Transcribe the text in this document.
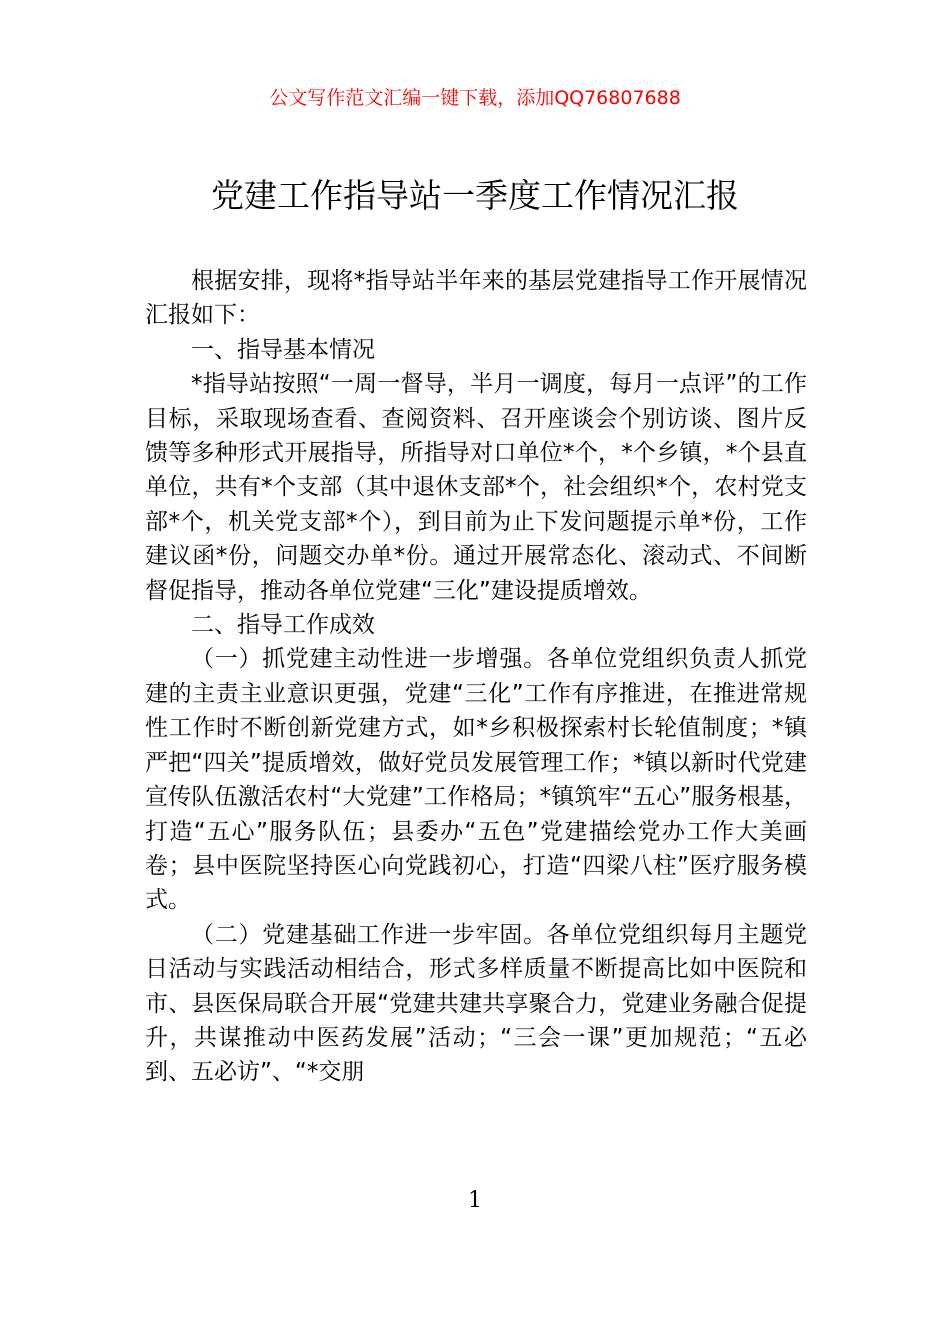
公文写作范文汇编一键下载，添加QQ76807688
党建工作指导站一季度工作情况汇报

根据安排，现将*指导站半年来的基层党建指导工作开展情况汇报如下：

一、指导基本情况

*指导站按照“一周一督导，半月一调度，每月一点评”的工作目标，采取现场查看、查阅资料、召开座谈会个别访谈、图片反馈等多种形式开展指导，所指导对口单位*个，*个乡镇，*个县直单位，共有*个支部（其中退休支部*个，社会组织*个，农村党支部*个，机关党支部*个），到目前为止下发问题提示单*份，工作建议函*份，问题交办单*份。通过开展常态化、滚动式、不间断督促指导，推动各单位党建“三化”建设提质增效。

二、指导工作成效

（一）抓党建主动性进一步增强。各单位党组织负责人抓党建的主责主业意识更强，党建“三化”工作有序推进，在推进常规性工作时不断创新党建方式，如*乡积极探索村长轮值制度；*镇严把“四关”提质增效，做好党员发展管理工作；*镇以新时代党建宣传队伍激活农村“大党建”工作格局；*镇筑牢“五心”服务根基，打造“五心”服务队伍；县委办“五色”党建描绘党办工作大美画卷；县中医院坚持医心向党践初心，打造“四梁八柱”医疗服务模式。

（二）党建基础工作进一步牢固。各单位党组织每月主题党日活动与实践活动相结合，形式多样质量不断提高比如中医院和市、县医保局联合开展“党建共建共享聚合力，党建业务融合促提升，共谋推动中医药发展”活动；“三会一课”更加规范；“五必到、五必访”、“*交朋

1
